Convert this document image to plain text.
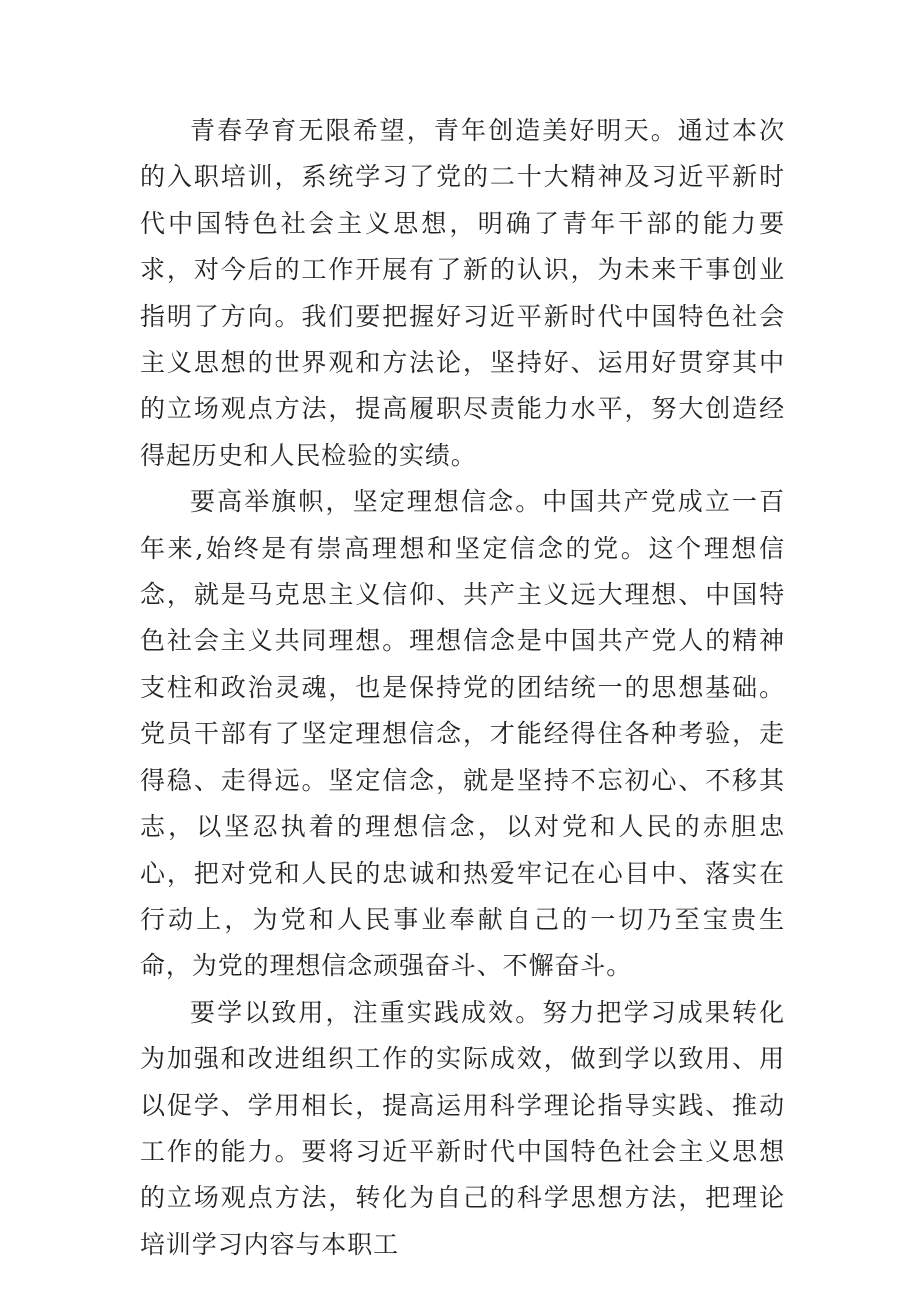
青春孕育无限希望，青年创造美好明天。通过本次的入职培训，系统学习了党的二十大精神及习近平新时代中国特色社会主义思想，明确了青年干部的能力要求，对今后的工作开展有了新的认识，为未来干事创业指明了方向。我们要把握好习近平新时代中国特色社会主义思想的世界观和方法论，坚持好、运用好贯穿其中的立场观点方法，提高履职尽责能力水平，努大创造经得起历史和人民检验的实绩。

要高举旗帜，坚定理想信念。中国共产党成立一百年来,始终是有崇高理想和坚定信念的党。这个理想信念，就是马克思主义信仰、共产主义远大理想、中国特色社会主义共同理想。理想信念是中国共产党人的精神支柱和政治灵魂，也是保持党的团结统一的思想基础。党员干部有了坚定理想信念，才能经得住各种考验，走得稳、走得远。坚定信念，就是坚持不忘初心、不移其志，以坚忍执着的理想信念，以对党和人民的赤胆忠心，把对党和人民的忠诚和热爱牢记在心目中、落实在行动上，为党和人民事业奉献自己的一切乃至宝贵生命，为党的理想信念顽强奋斗、不懈奋斗。

要学以致用，注重实践成效。努力把学习成果转化为加强和改进组织工作的实际成效，做到学以致用、用以促学、学用相长，提高运用科学理论指导实践、推动工作的能力。要将习近平新时代中国特色社会主义思想的立场观点方法，转化为自己的科学思想方法，把理论培训学习内容与本职工
